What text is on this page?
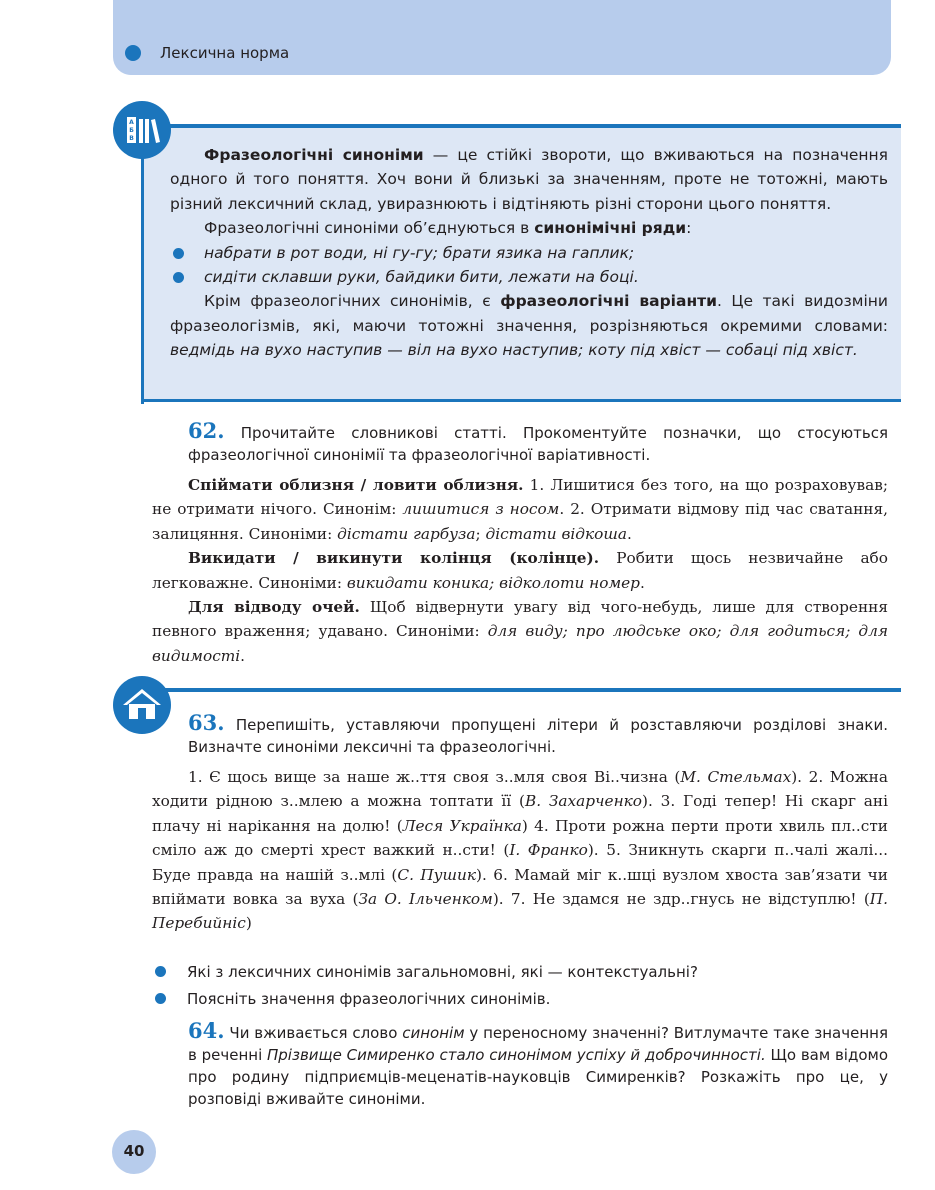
Лексична норма
А
Б
В

Фразеологічні синоніми — це стійкі звороти, що вживаються на позначення одного й того поняття. Хоч вони й близькі за значенням, проте не тотожні, мають різний лексичний склад, увиразнюють і відтіняють різні сторони цього поняття.

Фразеологічні синоніми об’єднуються в синонімічні ряди:

набрати в рот води, ні гу-гу; брати язика на гаплик;

сидіти склавши руки, байдики бити, лежати на боці.

Крім фразеологічних синонімів, є фразеологічні варіанти. Це такі видозміни фразеологізмів, які, маючи тотожні значення, розрізняються окремими словами: ведмідь на вухо наступив — віл на вухо наступив; коту під хвіст — собаці під хвіст.

62. Прочитайте словникові статті. Прокоментуйте позначки, що стосуються фразеологічної синонімії та фразеологічної варіативності.

Спіймати облизня / ловити облизня. 1. Лишитися без того, на що розраховував; не отримати нічого. Синонім: лишитися з носом. 2. Отримати відмову під час сватання, залицяння. Синоніми: дістати гарбуза; дістати відкоша.

Викидати / викинути колінця (колінце). Робити щось незвичайне або легковажне. Синоніми: викидати коника; відколоти номер.

Для відводу очей. Щоб відвернути увагу від чого-небудь, лише для створення певного враження; удавано. Синоніми: для виду; про людське око; для годиться; для видимості.

63. Перепишіть, уставляючи пропущені літери й розставляючи розділові знаки. Визначте синоніми лексичні та фразеологічні.

1. Є щось вище за наше ж..ття своя з..мля своя Ві..чизна (М. Стельмах). 2. Можна ходити рідною з..млею а можна топтати її (В. Захарченко). 3. Годі тепер! Ні скарг ані плачу ні нарікання на долю! (Леся Українка) 4. Проти рожна перти проти хвиль пл..сти сміло аж до смерті хрест важкий н..сти! (І. Франко). 5. Зникнуть скарги п..чалі жалі... Буде правда на нашій з..млі (С. Пушик). 6. Мамай міг к..шці вузлом хвоста зав’язати чи впіймати вовка за вуха (За О. Ільченком). 7. Не здамся не здр..гнусь не відступлю! (П. Перебийніс)

Які з лексичних синонімів загальномовні, які — контекстуальні?
Поясніть значення фразеологічних синонімів.
64. Чи вживається слово синонім у переносному значенні? Витлумачте таке значення в реченні Прізвище Симиренко стало синонімом успіху й доброчинності. Що вам відомо про родину підприємців-меценатів-науковців Симиренків? Розкажіть про це, у розповіді вживайте синоніми.
40
